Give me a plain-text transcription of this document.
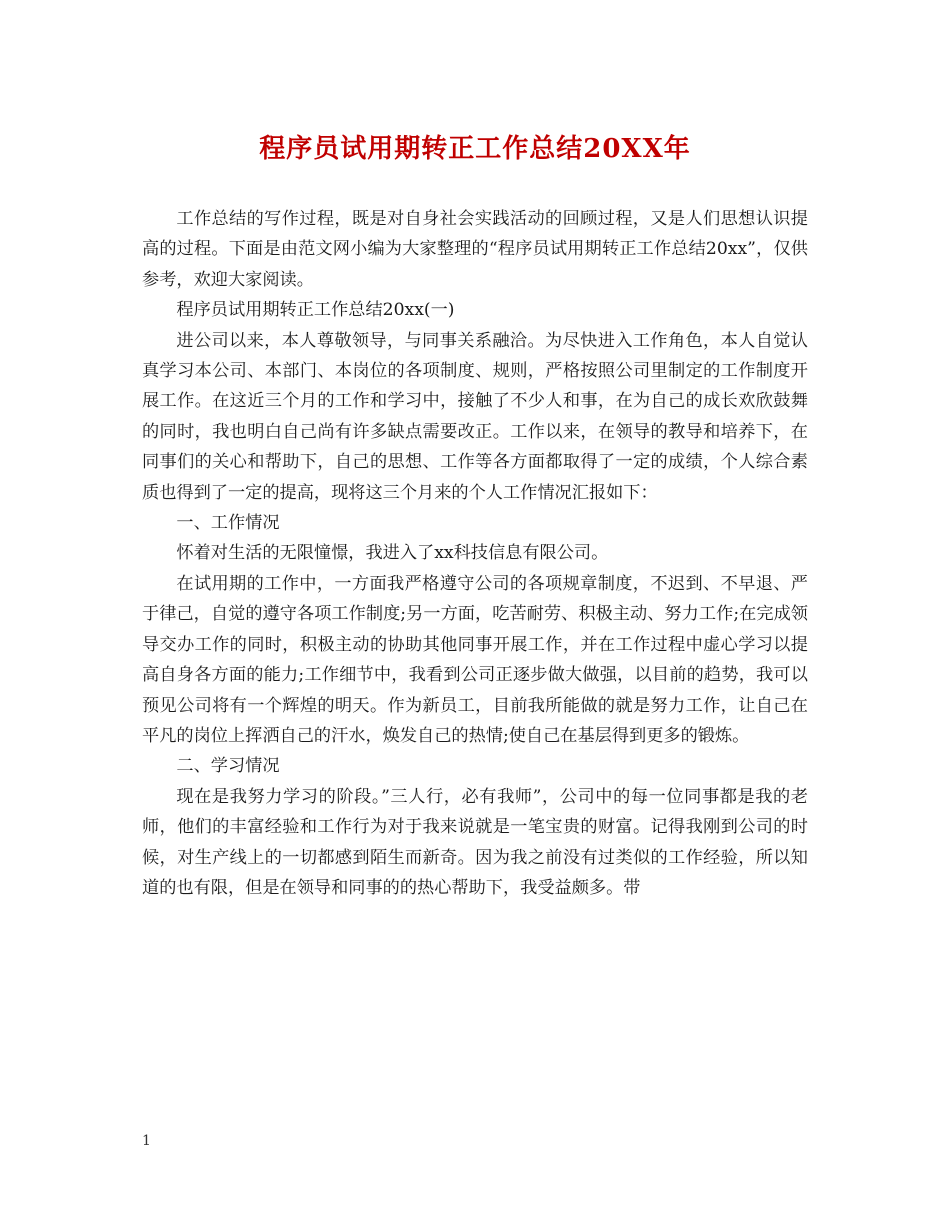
程序员试用期转正工作总结20XX年

工作总结的写作过程，既是对自身社会实践活动的回顾过程，又是人们思想认识提高的过程。下面是由范文网小编为大家整理的“程序员试用期转正工作总结20xx”，仅供参考，欢迎大家阅读。

程序员试用期转正工作总结20xx(一)

进公司以来，本人尊敬领导，与同事关系融洽。为尽快进入工作角色，本人自觉认真学习本公司、本部门、本岗位的各项制度、规则，严格按照公司里制定的工作制度开展工作。在这近三个月的工作和学习中，接触了不少人和事，在为自己的成长欢欣鼓舞的同时，我也明白自己尚有许多缺点需要改正。工作以来，在领导的教导和培养下，在同事们的关心和帮助下，自己的思想、工作等各方面都取得了一定的成绩，个人综合素质也得到了一定的提高，现将这三个月来的个人工作情况汇报如下：

一、工作情况

怀着对生活的无限憧憬，我进入了xx科技信息有限公司。

在试用期的工作中，一方面我严格遵守公司的各项规章制度，不迟到、不早退、严于律己，自觉的遵守各项工作制度;另一方面，吃苦耐劳、积极主动、努力工作;在完成领导交办工作的同时，积极主动的协助其他同事开展工作，并在工作过程中虚心学习以提高自身各方面的能力;工作细节中，我看到公司正逐步做大做强，以目前的趋势，我可以预见公司将有一个辉煌的明天。作为新员工，目前我所能做的就是努力工作，让自己在平凡的岗位上挥洒自己的汗水，焕发自己的热情;使自己在基层得到更多的锻炼。

二、学习情况

现在是我努力学习的阶段。”三人行，必有我师”，公司中的每一位同事都是我的老师，他们的丰富经验和工作行为对于我来说就是一笔宝贵的财富。记得我刚到公司的时候，对生产线上的一切都感到陌生而新奇。因为我之前没有过类似的工作经验，所以知道的也有限，但是在领导和同事的的热心帮助下，我受益颇多。带

1
